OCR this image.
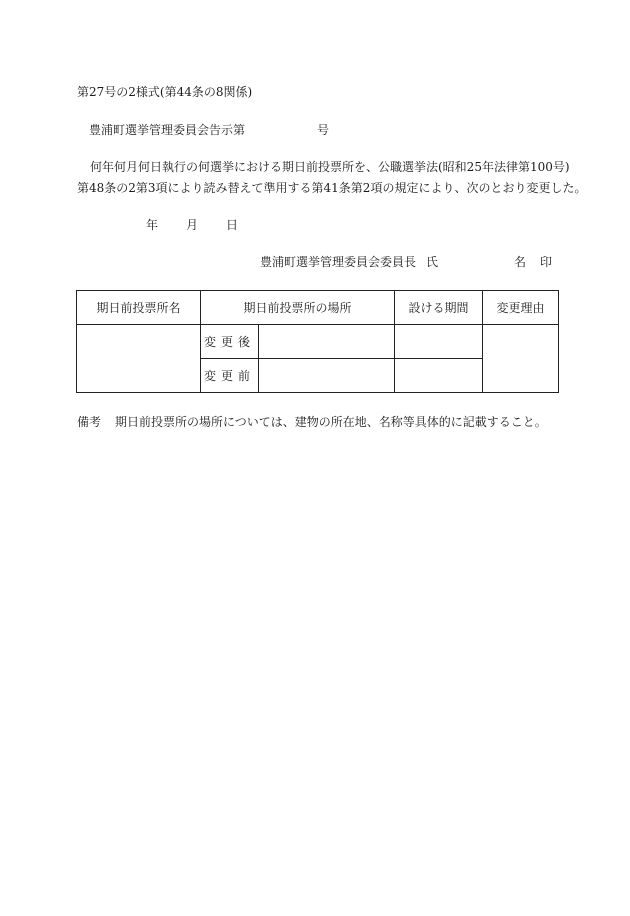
第27号の2様式(第44条の8関係)
豊浦町選挙管理委員会告示第	号
何年何月何日執行の何選挙における期日前投票所を、公職選挙法(昭和25年法律第100号)
第48条の2第3項により読み替えて準用する第41条第2項の規定により、次のとおり変更した。
年 月 日
豊浦町選挙管理委員会委員長 氏	名 印
期日前投票所名	期日前投票所の場所		設ける期間	変更理由
	変更後			
	変更前			
備考 期日前投票所の場所については、建物の所在地、名称等具体的に記載すること。
